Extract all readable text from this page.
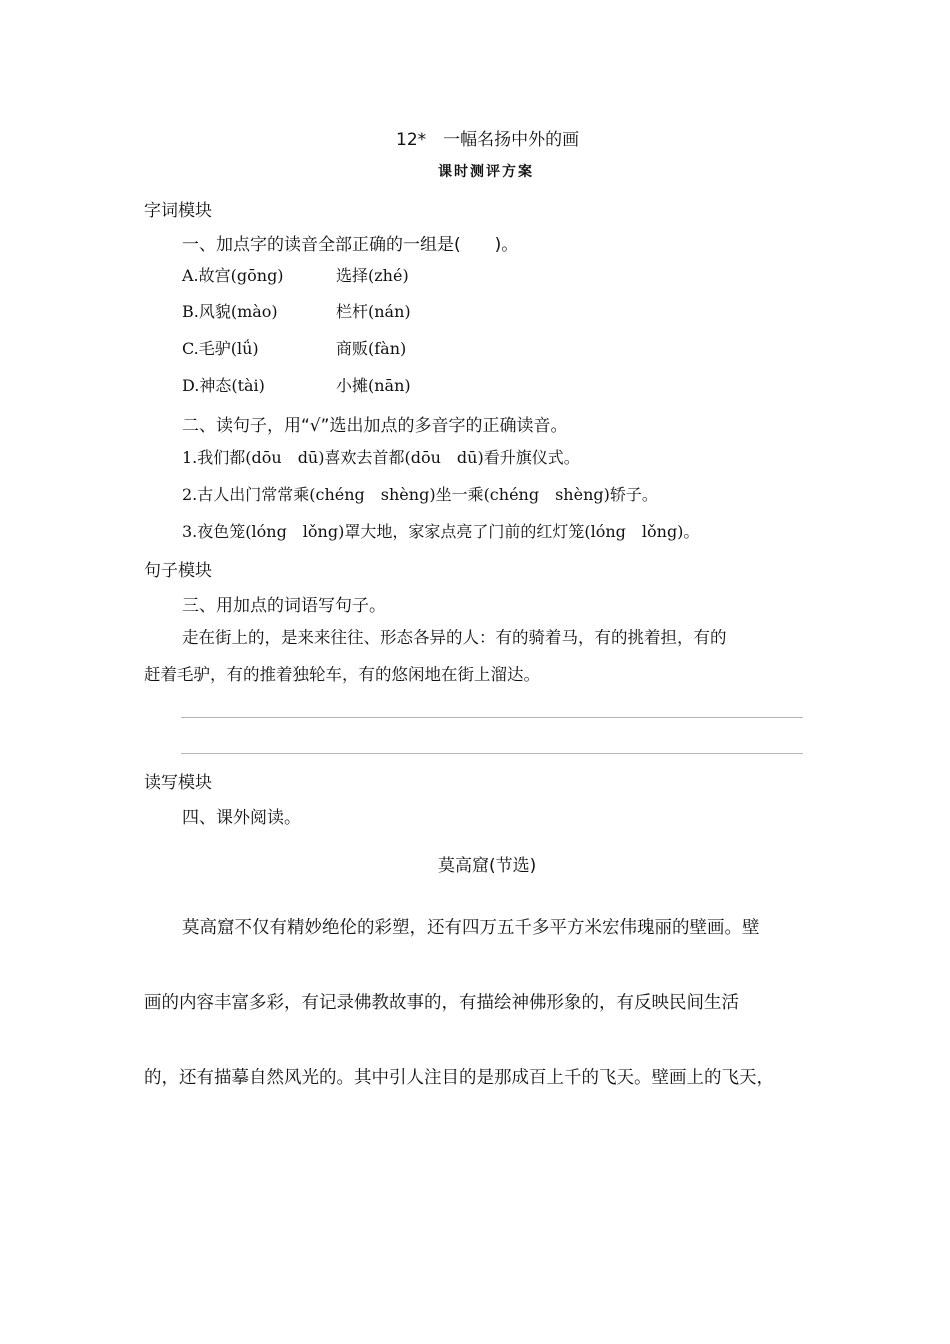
12*　一幅名扬中外的画
课时测评方案
字词模块
一、加点字的读音全部正确的一组是(　　)。
A.故宫(gōng)	选择(zhé)
B.风貌(mào)	栏杆(nán)
C.毛驴(lǘ)	商贩(fàn)
D.神态(tài)	小摊(nān)
二、读句子，用“√”选出加点的多音字的正确读音。
1.我们都(dōu　dū)喜欢去首都(dōu　dū)看升旗仪式。
2.古人出门常常乘(chéng　shèng)坐一乘(chéng　shèng)轿子。
3.夜色笼(lóng　lǒng)罩大地，家家点亮了门前的红灯笼(lóng　lǒng)。
句子模块
三、用加点的词语写句子。
走在街上的，是来来往往、形态各异的人：有的骑着马，有的挑着担，有的
赶着毛驴，有的推着独轮车，有的悠闲地在街上溜达。
读写模块
四、课外阅读。
莫高窟(节选)
莫高窟不仅有精妙绝伦的彩塑，还有四万五千多平方米宏伟瑰丽的壁画。壁
画的内容丰富多彩，有记录佛教故事的，有描绘神佛形象的，有反映民间生活
的，还有描摹自然风光的。其中引人注目的是那成百上千的飞天。壁画上的飞天，
